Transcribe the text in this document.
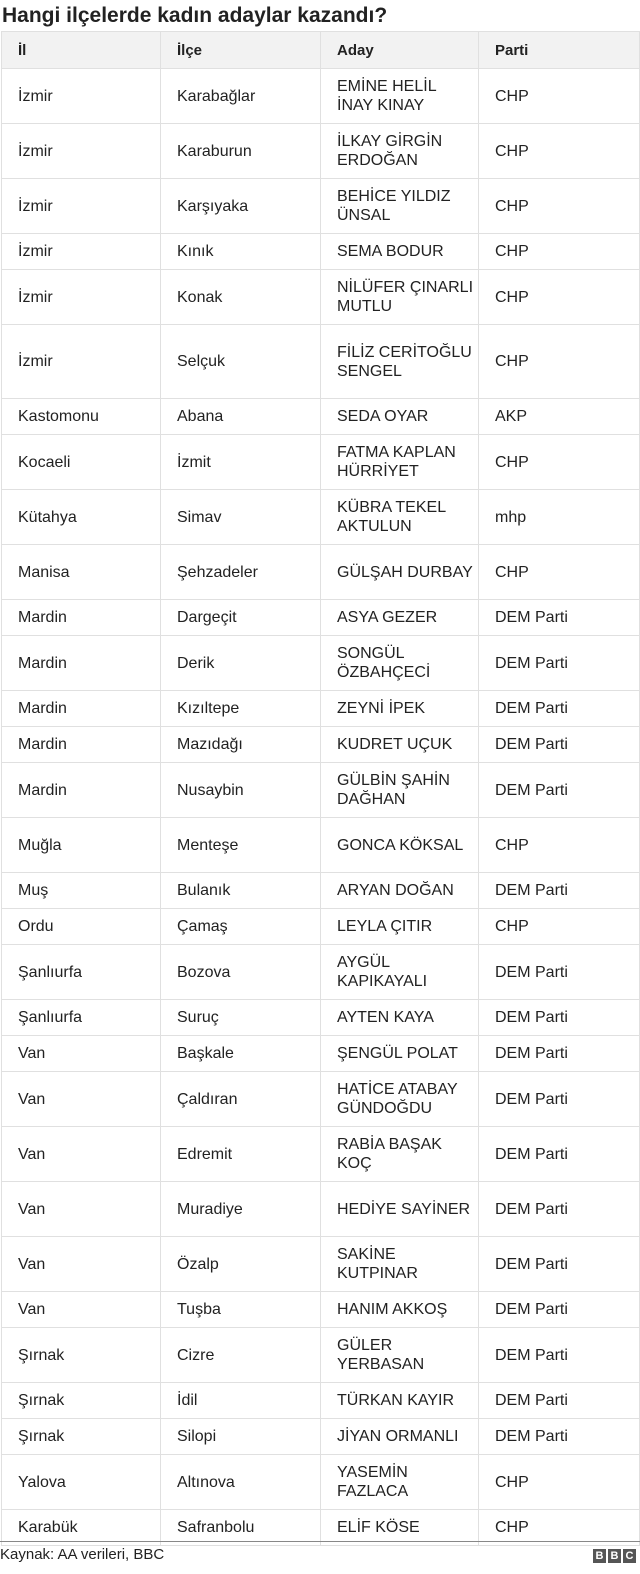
Hangi ilçelerde kadın adaylar kazandı?
İl	İlçe	Aday	Parti
İzmir	Karabağlar	EMİNE HELİL İNAY KINAY	CHP
İzmir	Karaburun	İLKAY GİRGİN ERDOĞAN	CHP
İzmir	Karşıyaka	BEHİCE YILDIZ ÜNSAL	CHP
İzmir	Kınık	SEMA BODUR	CHP
İzmir	Konak	NİLÜFER ÇINARLI MUTLU	CHP
İzmir	Selçuk	FİLİZ CERİTOĞLU SENGEL	CHP
Kastomonu	Abana	SEDA OYAR	AKP
Kocaeli	İzmit	FATMA KAPLAN HÜRRİYET	CHP
Kütahya	Simav	KÜBRA TEKEL AKTULUN	mhp
Manisa	Şehzadeler	GÜLŞAH DURBAY	CHP
Mardin	Dargeçit	ASYA GEZER	DEM Parti
Mardin	Derik	SONGÜL ÖZBAHÇECİ	DEM Parti
Mardin	Kızıltepe	ZEYNİ İPEK	DEM Parti
Mardin	Mazıdağı	KUDRET UÇUK	DEM Parti
Mardin	Nusaybin	GÜLBİN ŞAHİN DAĞHAN	DEM Parti
Muğla	Menteşe	GONCA KÖKSAL	CHP
Muş	Bulanık	ARYAN DOĞAN	DEM Parti
Ordu	Çamaş	LEYLA ÇITIR	CHP
Şanlıurfa	Bozova	AYGÜL KAPIKAYALI	DEM Parti
Şanlıurfa	Suruç	AYTEN KAYA	DEM Parti
Van	Başkale	ŞENGÜL POLAT	DEM Parti
Van	Çaldıran	HATİCE ATABAY GÜNDOĞDU	DEM Parti
Van	Edremit	RABİA BAŞAK KOÇ	DEM Parti
Van	Muradiye	HEDİYE SAYİNER	DEM Parti
Van	Özalp	SAKİNE KUTPINAR	DEM Parti
Van	Tuşba	HANIM AKKOŞ	DEM Parti
Şırnak	Cizre	GÜLER YERBASAN	DEM Parti
Şırnak	İdil	TÜRKAN KAYIR	DEM Parti
Şırnak	Silopi	JİYAN ORMANLI	DEM Parti
Yalova	Altınova	YASEMİN FAZLACA	CHP
Karabük	Safranbolu	ELİF KÖSE	CHP
Kaynak: AA verileri, BBC	B B C
